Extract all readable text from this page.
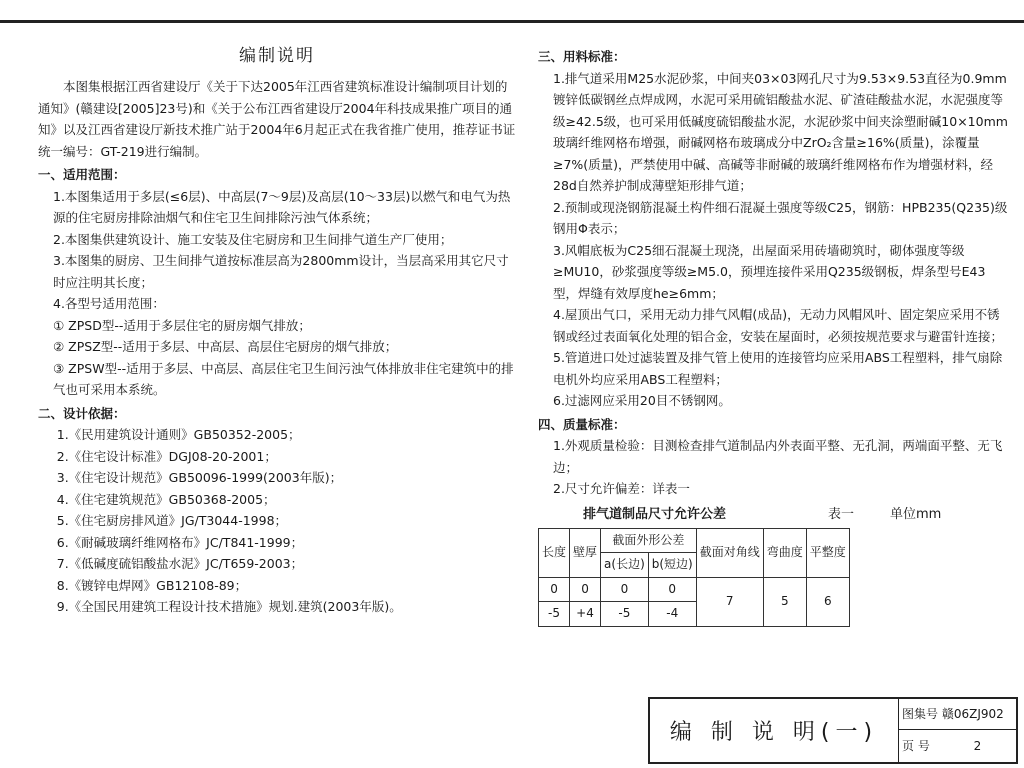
编制说明

本图集根据江西省建设厅《关于下达2005年江西省建筑标准设计编制项目计划的通知》(赣建设[2005]23号)和《关于公布江西省建设厅2004年科技成果推广项目的通知》以及江西省建设厅新技术推广站于2004年6月起正式在我省推广使用，推荐证书证统一编号：GT-219进行编制。

一、适用范围：

1.本图集适用于多层(≤6层)、中高层(7～9层)及高层(10～33层)以燃气和电气为热源的住宅厨房排除油烟气和住宅卫生间排除污浊气体系统；

2.本图集供建筑设计、施工安装及住宅厨房和卫生间排气道生产厂使用；

3.本图集的厨房、卫生间排气道按标准层高为2800mm设计，当层高采用其它尺寸时应注明其长度；

4.各型号适用范围：

① ZPSD型--适用于多层住宅的厨房烟气排放；

② ZPSZ型--适用于多层、中高层、高层住宅厨房的烟气排放；

③ ZPSW型--适用于多层、中高层、高层住宅卫生间污浊气体排放非住宅建筑中的排气也可采用本系统。

二、设计依据：

1.《民用建筑设计通则》GB50352-2005；

2.《住宅设计标准》DGJ08-20-2001；

3.《住宅设计规范》GB50096-1999(2003年版)；

4.《住宅建筑规范》GB50368-2005；

5.《住宅厨房排风道》JG/T3044-1998；

6.《耐碱玻璃纤维网格布》JC/T841-1999；

7.《低碱度硫铝酸盐水泥》JC/T659-2003；

8.《镀锌电焊网》GB12108-89；

9.《全国民用建筑工程设计技术措施》规划.建筑(2003年版)。

三、用料标准：

1.排气道采用M25水泥砂浆，中间夹03×03网孔尺寸为9.53×9.53直径为0.9mm镀锌低碳钢丝点焊成网，水泥可采用硫铝酸盐水泥、矿渣硅酸盐水泥，水泥强度等级≥42.5级，也可采用低碱度硫铝酸盐水泥，水泥砂浆中间夹涂塑耐碱10×10mm玻璃纤维网格布增强，耐碱网格布玻璃成分中ZrO₂含量≥16%(质量)，涂覆量≥7%(质量)，严禁使用中碱、高碱等非耐碱的玻璃纤维网格布作为增强材料，经28d自然养护制成薄壁矩形排气道；

2.预制或现浇钢筋混凝土构件细石混凝土强度等级C25，钢筋：HPB235(Q235)级钢用Φ表示；

3.风帽底板为C25细石混凝土现浇，出屋面采用砖墙砌筑时，砌体强度等级≥MU10，砂浆强度等级≥M5.0，预埋连接件采用Q235级钢板，焊条型号E43型，焊缝有效厚度he≥6mm；

4.屋顶出气口，采用无动力排气风帽(成品)，无动力风帽风叶、固定架应采用不锈钢或经过表面氧化处理的铝合金，安装在屋面时，必须按规范要求与避雷针连接；

5.管道进口处过滤装置及排气管上使用的连接管均应采用ABS工程塑料，排气扇除电机外均应采用ABS工程塑料；

6.过滤网应采用20目不锈钢网。

四、质量标准：

1.外观质量检验：目测检查排气道制品内外表面平整、无孔洞，两端面平整、无飞边；

2.尺寸允许偏差：详表一

排气道制品尺寸允许公差	表一	单位mm
长度	壁厚	截面外形公差		截面对角线	弯曲度	平整度
		a(长边)	b(短边)			
0	0	0	0	7	5	6
-5	+4	-5	-4			
编 制 说 明(一)
图集号 赣06ZJ902
页 号	2
